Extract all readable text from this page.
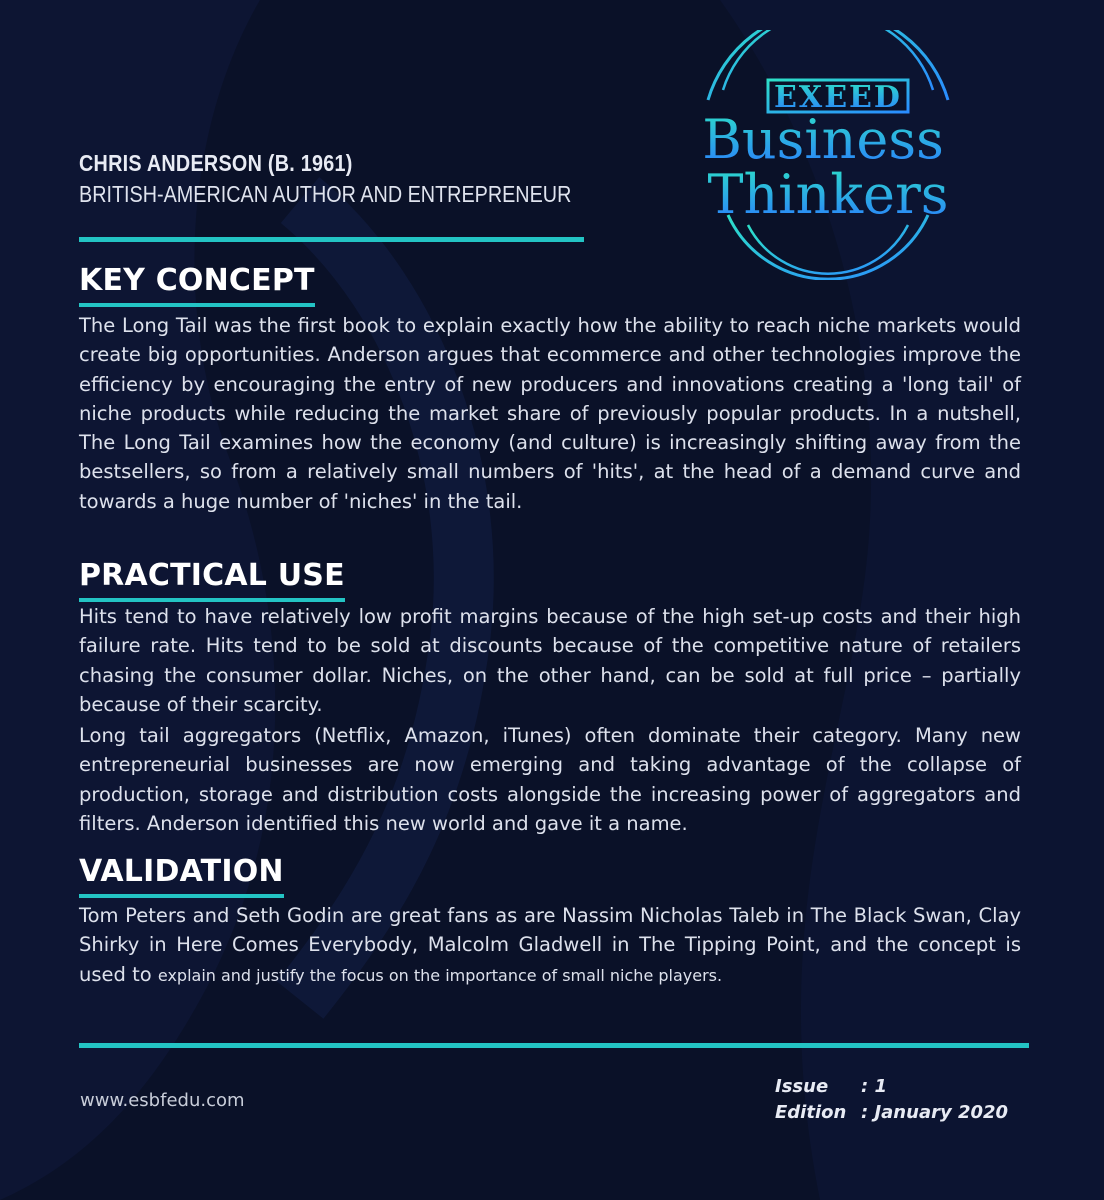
CHRIS ANDERSON (B. 1961)
BRITISH-AMERICAN AUTHOR AND ENTREPRENEUR
EXEED
Business
Thinkers
KEY CONCEPT

The Long Tail was the first book to explain exactly how the ability to reach niche markets would create big opportunities. Anderson argues that ecommerce and other technologies improve the efficiency by encouraging the entry of new producers and innovations creating a 'long tail' of niche products while reducing the market share of previously popular products. In a nutshell, The Long Tail examines how the economy (and culture) is increasingly shifting away from the bestsellers, so from a relatively small numbers of 'hits', at the head of a demand curve and towards a huge number of 'niches' in the tail.

PRACTICAL USE

Hits tend to have relatively low profit margins because of the high set-up costs and their high failure rate. Hits tend to be sold at discounts because of the competitive nature of retailers chasing the consumer dollar. Niches, on the other hand, can be sold at full price – partially because of their scarcity.

Long tail aggregators (Netflix, Amazon, iTunes) often dominate their category. Many new entrepreneurial businesses are now emerging and taking advantage of the collapse of production, storage and distribution costs alongside the increasing power of aggregators and filters. Anderson identified this new world and gave it a name.

VALIDATION

Tom Peters and Seth Godin are great fans as are Nassim Nicholas Taleb in The Black Swan, Clay Shirky in Here Comes Everybody, Malcolm Gladwell in The Tipping Point, and the concept is used to explain and justify the focus on the importance of small niche players.

www.esbfedu.com
Issue	: 1
Edition : January 2020
